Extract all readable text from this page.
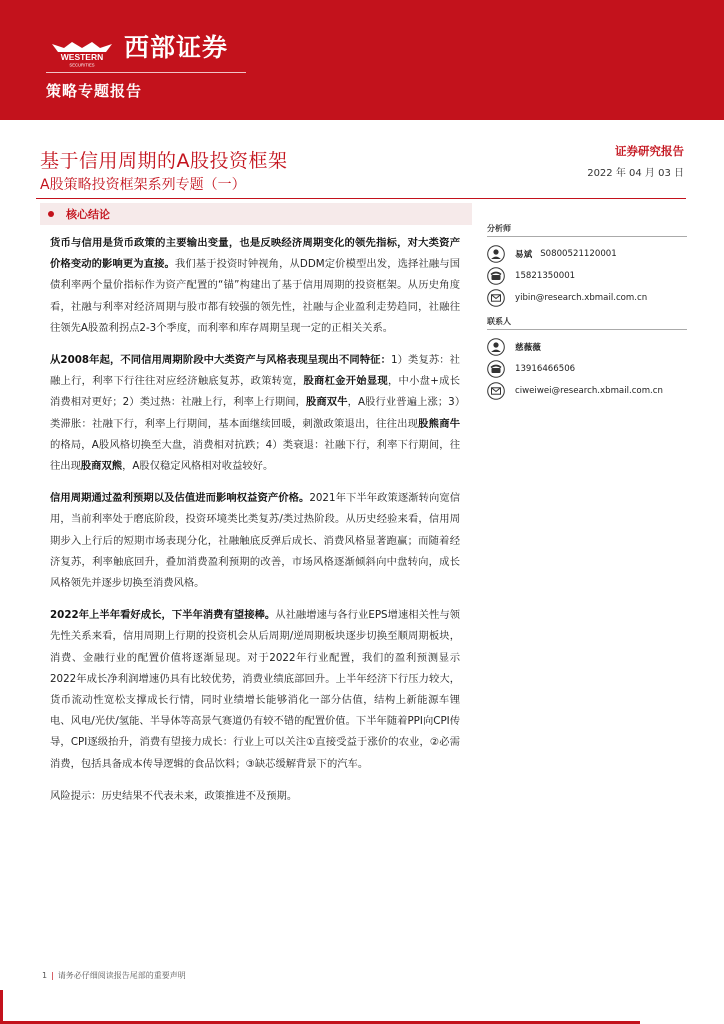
WESTERN
SECURITIES
西部证券
策略专题报告
基于信用周期的A股投资框架
A股策略投资框架系列专题（一）
证券研究报告
2022 年 04 月 03 日
核心结论

货币与信用是货币政策的主要输出变量，也是反映经济周期变化的领先指标，对大类资产价格变动的影响更为直接。我们基于投资时钟视角，从DDM定价模型出发，选择社融与国债利率两个量价指标作为资产配置的“锚”构建出了基于信用周期的投资框架。从历史角度看，社融与利率对经济周期与股市都有较强的领先性，社融与企业盈利走势趋同，社融往往领先A股盈利拐点2-3个季度，而利率和库存周期呈现一定的正相关关系。

从2008年起，不同信用周期阶段中大类资产与风格表现呈现出不同特征：1）类复苏：社融上行，利率下行往往对应经济触底复苏，政策转宽，股商杠金开始显现，中小盘+成长消费相对更好；2）类过热：社融上行，利率上行期间，股商双牛，A股行业普遍上涨；3）类滞胀：社融下行，利率上行期间，基本面继续回暖，刺激政策退出，往往出现股熊商牛的格局，A股风格切换至大盘，消费相对抗跌；4）类衰退：社融下行，利率下行期间，往往出现股商双熊，A股仅稳定风格相对收益较好。

信用周期通过盈利预期以及估值进而影响权益资产价格。2021年下半年政策逐渐转向宽信用，当前利率处于磨底阶段，投资环境类比类复苏/类过热阶段。从历史经验来看，信用周期步入上行后的短期市场表现分化，社融触底反弹后成长、消费风格显著跑赢；而随着经济复苏，利率触底回升，叠加消费盈利预期的改善，市场风格逐渐倾斜向中盘转向，成长风格领先并逐步切换至消费风格。

2022年上半年看好成长，下半年消费有望接棒。从社融增速与各行业EPS增速相关性与领先性关系来看，信用周期上行期的投资机会从后周期/逆周期板块逐步切换至顺周期板块，消费、金融行业的配置价值将逐渐显现。对于2022年行业配置，我们的盈利预测显示2022年成长净利润增速仍具有比较优势，消费业绩底部回升。上半年经济下行压力较大，货币流动性宽松支撑成长行情，同时业绩增长能够消化一部分估值，结构上新能源车锂电、风电/光伏/氢能、半导体等高景气赛道仍有较不错的配置价值。下半年随着PPI向CPI传导，CPI逐级抬升，消费有望接力成长：行业上可以关注①直接受益于涨价的农业，②必需消费，包括具备成本传导逻辑的食品饮料；③缺芯缓解背景下的汽车。

风险提示：历史结果不代表未来，政策推进不及预期。

分析师
易斌 S0800521120001
15821350001
yibin@research.xbmail.com.cn
联系人
慈薇薇
13916466506
ciweiwei@research.xbmail.com.cn
1 | 请务必仔细阅读报告尾部的重要声明
